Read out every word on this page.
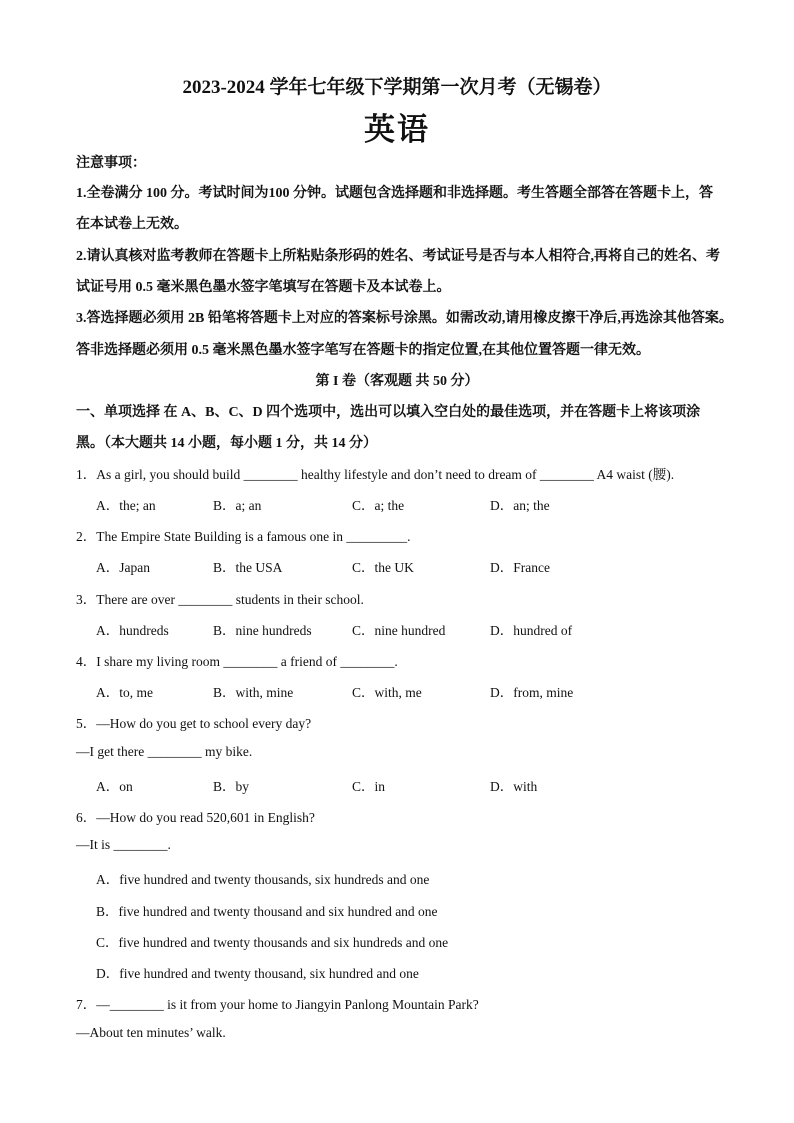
2023-2024 学年七年级下学期第一次月考（无锡卷）
英语
注意事项：
1.全卷满分 100 分。考试时间为100 分钟。试题包含选择题和非选择题。考生答题全部答在答题卡上，答
在本试卷上无效。
2.请认真核对监考教师在答题卡上所粘贴条形码的姓名、考试证号是否与本人相符合,再将自己的姓名、考
试证号用 0.5 毫米黑色墨水签字笔填写在答题卡及本试卷上。
3.答选择题必须用 2B 铅笔将答题卡上对应的答案标号涂黑。如需改动,请用橡皮擦干净后,再选涂其他答案。
答非选择题必须用 0.5 毫米黑色墨水签字笔写在答题卡的指定位置,在其他位置答题一律无效。
第 I 卷（客观题 共 50 分）
一、单项选择 在 A、B、C、D 四个选项中，选出可以填入空白处的最佳选项，并在答题卡上将该项涂
黑。（本大题共 14 小题，每小题 1 分，共 14 分）
1．As a girl, you should build ________ healthy lifestyle and don’t need to dream of ________ A4 waist (腰).
A．the; an	B．a; an	C．a; the	D．an; the
2．The Empire State Building is a famous one in _________.
A．Japan	B．the USA	C．the UK	D．France
3．There are over ________ students in their school.
A．hundreds	B．nine hundreds	C．nine hundred	D．hundred of
4．I share my living room ________ a friend of ________.
A．to, me	B．with, mine	C．with, me	D．from, mine
5．—How do you get to school every day?
—I get there ________ my bike.
A．on	B．by	C．in	D．with
6．—How do you read 520,601 in English?
—It is ________.
A．five hundred and twenty thousands, six hundreds and one
B．five hundred and twenty thousand and six hundred and one
C．five hundred and twenty thousands and six hundreds and one
D．five hundred and twenty thousand, six hundred and one
7．—________ is it from your home to Jiangyin Panlong Mountain Park?
—About ten minutes’ walk.
